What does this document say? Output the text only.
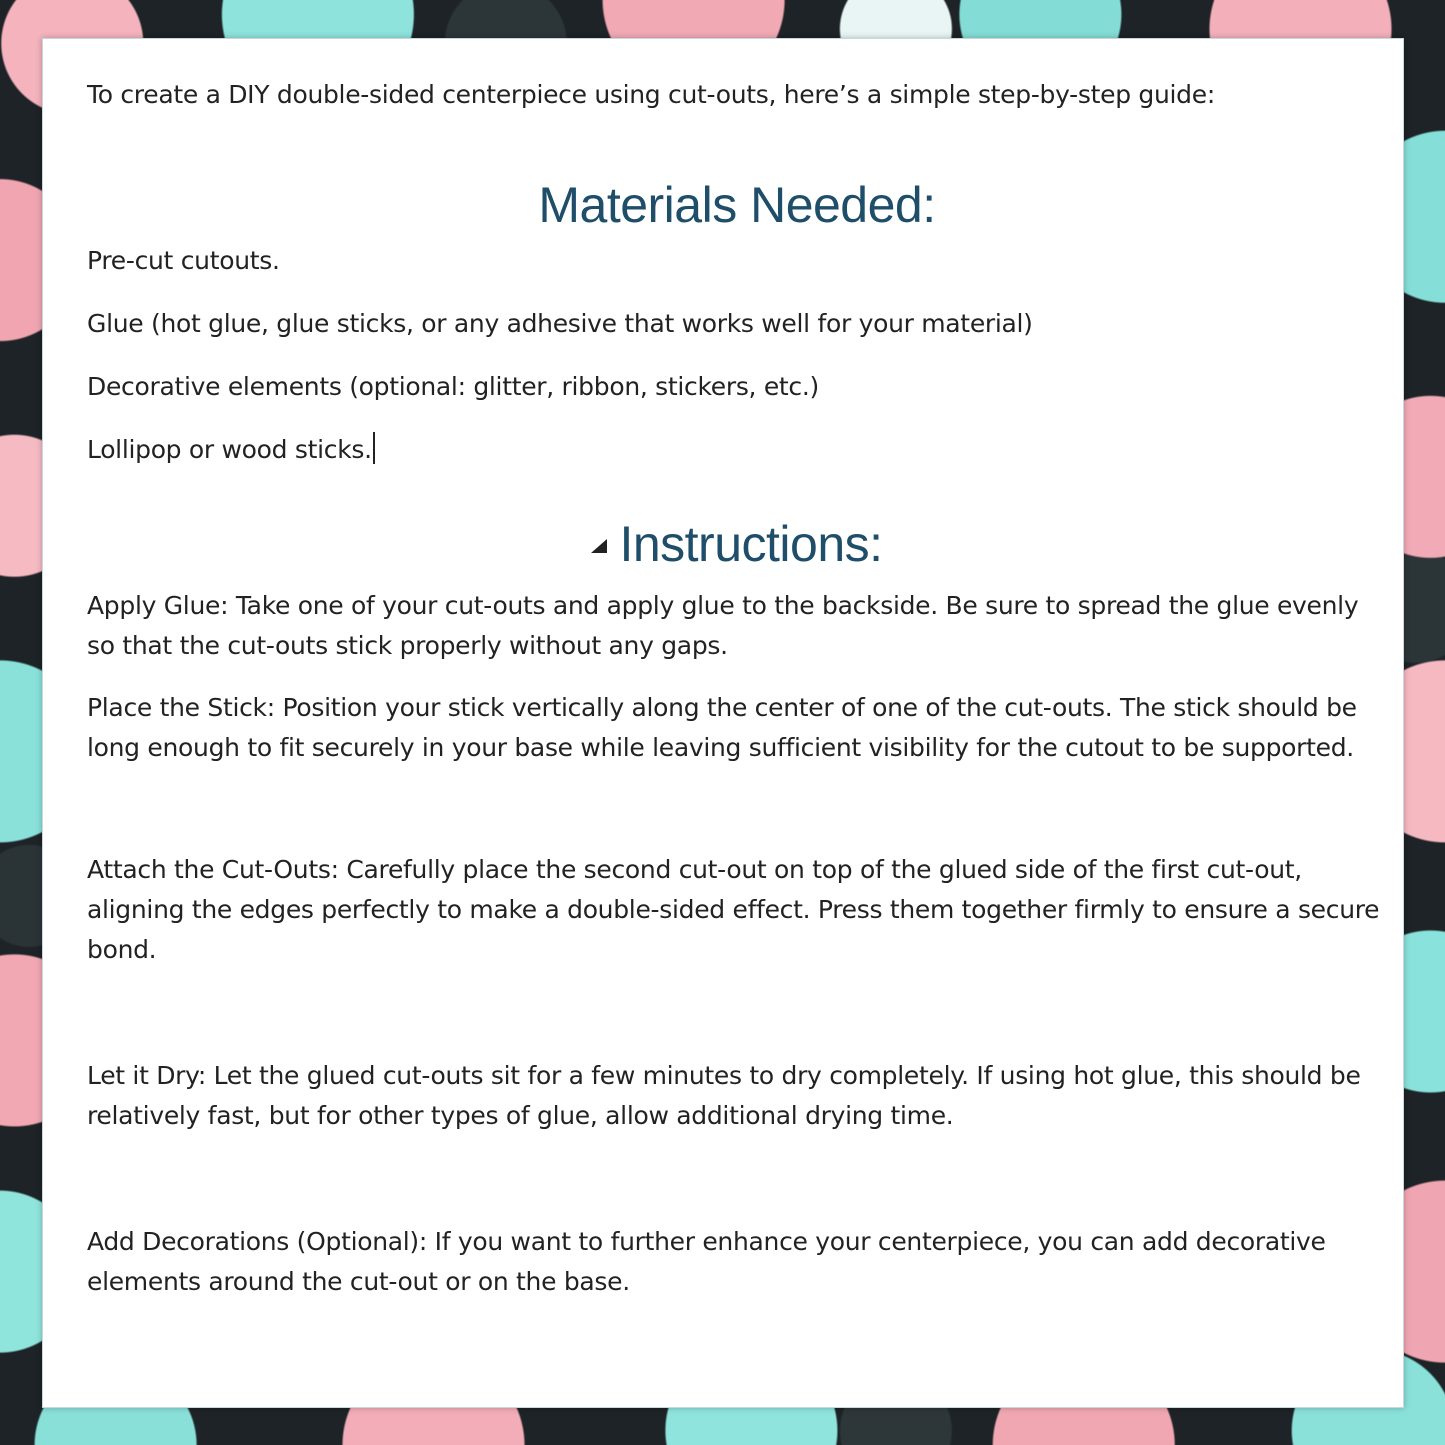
To create a DIY double-sided centerpiece using cut-outs, here’s a simple step-by-step guide:

Materials Needed:

Pre-cut cutouts.

Glue (hot glue, glue sticks, or any adhesive that works well for your material)

Decorative elements (optional: glitter, ribbon, stickers, etc.)

Lollipop or wood sticks.

Instructions:

Apply Glue: Take one of your cut-outs and apply glue to the backside. Be sure to spread the glue evenly so that the cut-outs stick properly without any gaps.

Place the Stick: Position your stick vertically along the center of one of the cut-outs. The stick should be long enough to fit securely in your base while leaving sufficient visibility for the cutout to be supported.

Attach the Cut-Outs: Carefully place the second cut-out on top of the glued side of the first cut-out, aligning the edges perfectly to make a double-sided effect. Press them together firmly to ensure a secure bond.

Let it Dry: Let the glued cut-outs sit for a few minutes to dry completely. If using hot glue, this should be relatively fast, but for other types of glue, allow additional drying time.

Add Decorations (Optional): If you want to further enhance your centerpiece, you can add decorative elements around the cut-out or on the base.
